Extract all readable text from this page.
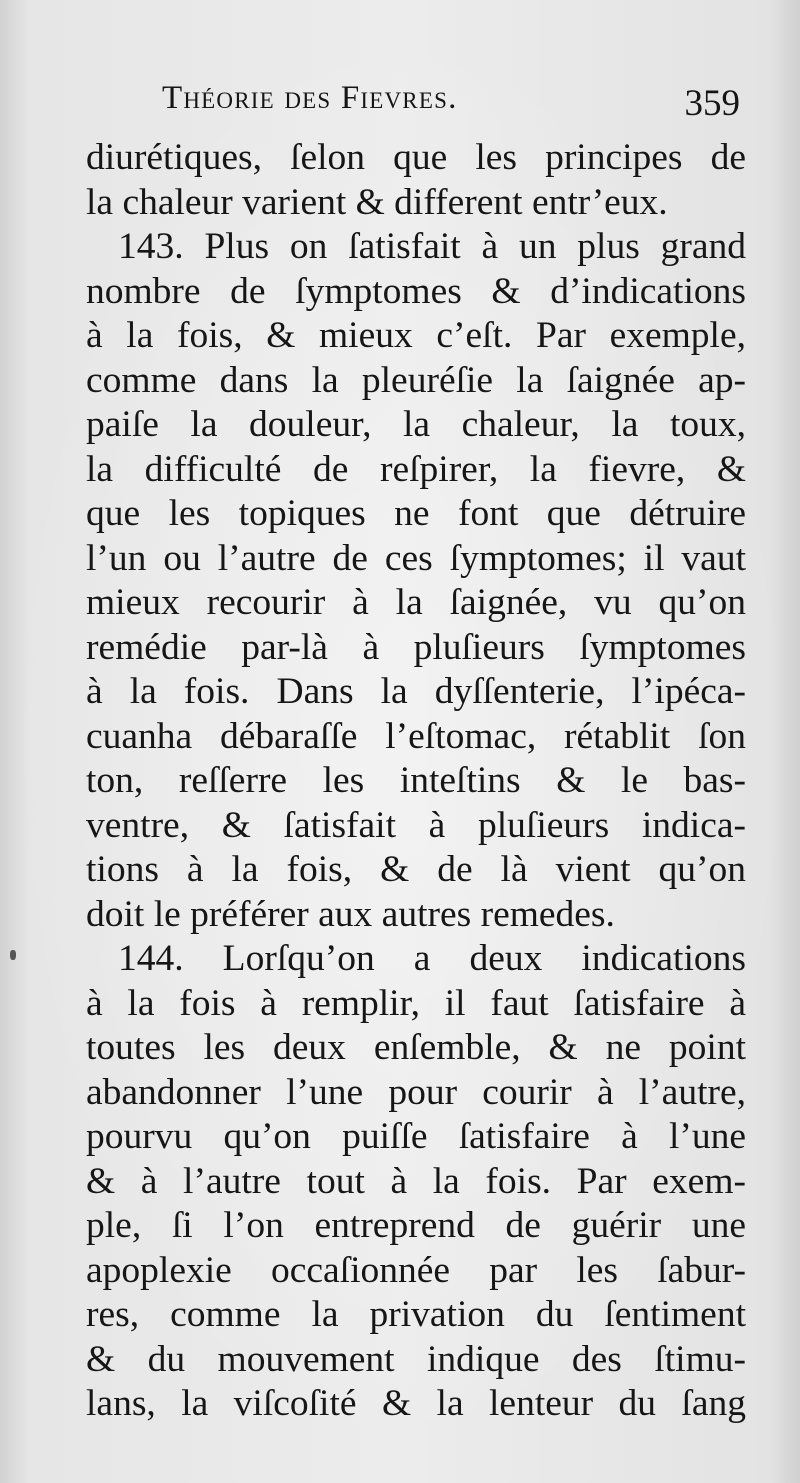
Théorie des Fievres.	359
diurétiques, ſelon que les principes de
la chaleur varient & different entr’eux.
143. Plus on ſatisfait à un plus grand
nombre de ſymptomes & d’indications
à la fois, & mieux c’eſt. Par exemple,
comme dans la pleuréſie la ſaignée ap-
paiſe la douleur, la chaleur, la toux,
la difficulté de reſpirer, la fievre, &
que les topiques ne font que détruire
l’un ou l’autre de ces ſymptomes; il vaut
mieux recourir à la ſaignée, vu qu’on
remédie par-là à pluſieurs ſymptomes
à la fois. Dans la dyſſenterie, l’ipéca-
cuanha débaraſſe l’eſtomac, rétablit ſon
ton, reſſerre les inteſtins & le bas-
ventre, & ſatisfait à pluſieurs indica-
tions à la fois, & de là vient qu’on
doit le préférer aux autres remedes.
144. Lorſqu’on a deux indications
à la fois à remplir, il faut ſatisfaire à
toutes les deux enſemble, & ne point
abandonner l’une pour courir à l’autre,
pourvu qu’on puiſſe ſatisfaire à l’une
& à l’autre tout à la fois. Par exem-
ple, ſi l’on entreprend de guérir une
apoplexie occaſionnée par les ſabur-
res, comme la privation du ſentiment
& du mouvement indique des ſtimu-
lans, la viſcoſité & la lenteur du ſang
